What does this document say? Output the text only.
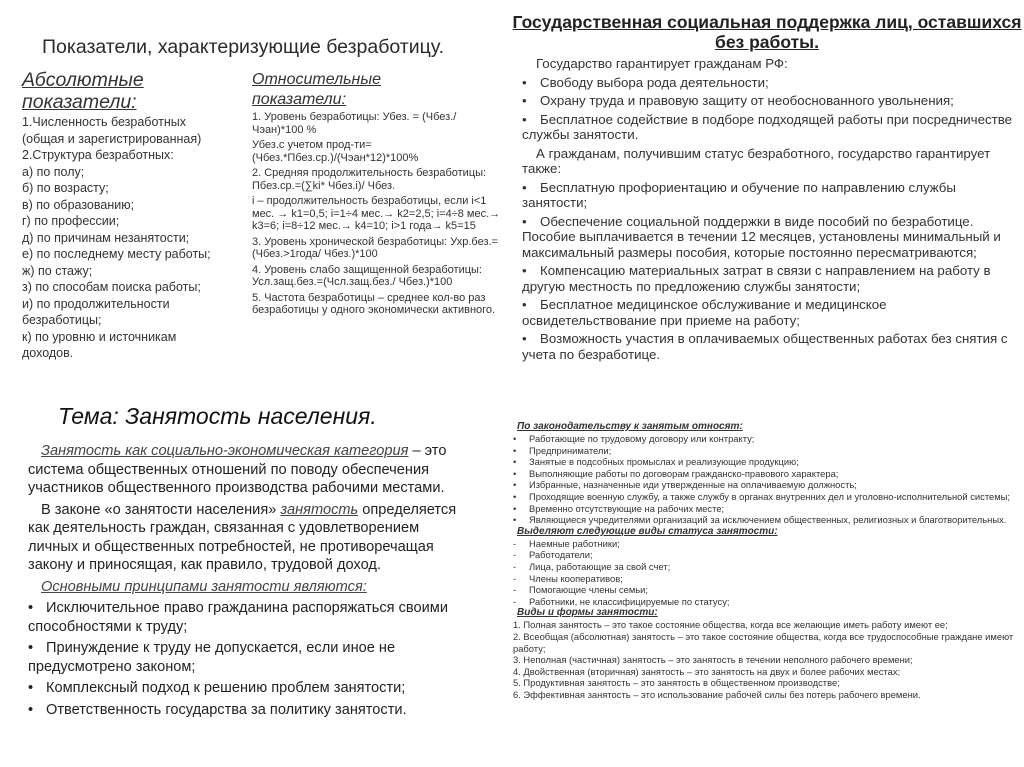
Показатели, характеризующие безработицу.
Абсолютные
показатели:
1.Численность безработных
(общая и зарегистрированная)
2.Структура безработных:
а) по полу;
б) по возрасту;
в) по образованию;
г) по профессии;
д) по причинам незанятости;
е) по последнему месту работы;
ж) по стажу;
з) по способам поиска работы;
и) по продолжительности
безработицы;
к) по уровню и источникам
доходов.
Относительные
показатели:
1. Уровень безработицы: Убез. = (Чбез./Чэан)*100 %
Убез.с учетом прод-ти=(Чбез.*Пбез.ср.)/(Чэан*12)*100%
2. Средняя продолжительность безработицы: Пбез.ср.=(∑ki* Чбез.i)/ Чбез.
i – продолжительность безработицы, если i<1 мес. → k1=0,5; i=1÷4 мес.→ k2=2,5; i=4÷8 мес.→ k3=6; i=8÷12 мес.→ k4=10; i>1 года→ k5=15
3. Уровень хронической безработицы: Ухр.без.=(Чбез.>1года/ Чбез.)*100
4. Уровень слабо защищенной безработицы: Усл.защ.без.=(Чсл.защ.без./ Чбез.)*100
5. Частота безработицы – среднее кол-во раз безработицы у одного экономически активного.
Государственная социальная поддержка лиц, оставшихся без работы.
Государство гарантирует гражданам РФ:
• Свободу выбора рода деятельности;
• Охрану труда и правовую защиту от необоснованного увольнения;
• Бесплатное содействие в подборе подходящей работы при посредничестве службы занятости.
А гражданам, получившим статус безработного, государство гарантирует также:
• Бесплатную профориентацию и обучение по направлению службы занятости;
• Обеспечение социальной поддержки в виде пособий по безработице. Пособие выплачивается в течении 12 месяцев, установлены минимальный и максимальный размеры пособия, которые постоянно пересматриваются;
• Компенсацию материальных затрат в связи с направлением на работу в другую местность по предложению службы занятости;
• Бесплатное медицинское обслуживание и медицинское освидетельствование при приеме на работу;
• Возможность участия в оплачиваемых общественных работах без снятия с учета по безработице.
Тема: Занятость населения.
Занятость как социально-экономическая категория – это система общественных отношений по поводу обеспечения участников общественного производства рабочими местами.
В законе «о занятости населения» занятость определяется как деятельность граждан, связанная с удовлетворением личных и общественных потребностей, не противоречащая закону и приносящая, как правило, трудовой доход.
Основными принципами занятости являются:
• Исключительное право гражданина распоряжаться своими способностями к труду;
• Принуждение к труду не допускается, если иное не предусмотрено законом;
• Комплексный подход к решению проблем занятости;
• Ответственность государства за политику занятости.
По законодательству к занятым относят:
• Работающие по трудовому договору или контракту;
• Предприниматели;
• Занятые в подсобных промыслах и реализующие продукцию;
• Выполняющие работы по договорам гражданско-правового характера;
• Избранные, назначенные иди утвержденные на оплачиваемую должность;
• Проходящие военную службу, а также службу в органах внутренних дел и уголовно-исполнительной системы;
• Временно отсутствующие на рабочих месте;
• Являющиеся учредителями организаций за исключением общественных, религиозных и благотворительных.
Выделяют следующие виды статуса занятости:
- Наемные работники;
- Работодатели;
- Лица, работающие за свой счет;
- Члены кооперативов;
- Помогающие члены семьи;
- Работники, не классифицируемые по статусу;
Виды и формы занятости:
1. Полная занятость – это такое состояние общества, когда все желающие иметь работу имеют ее;
2. Всеобщая (абсолютная) занятость – это такое состояние общества, когда все трудоспособные граждане имеют работу;
3. Неполная (частичная) занятость – это занятость в течении неполного рабочего времени;
4. Двойственная (вторичная) занятость – это занятость на двух и более рабочих местах;
5. Продуктивная занятость – это занятость в общественном производстве;
6. Эффективная занятость – это использование рабочей силы без потерь рабочего времени.
